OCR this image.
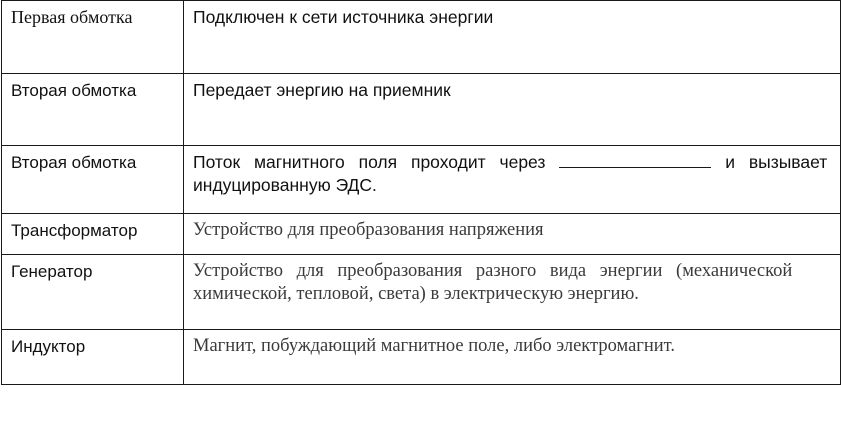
Первая обмотка	Подключен к сети источника энергии
Вторая обмотка	Передает энергию на приемник
Вторая обмотка	Поток магнитного поля проходит через и вызывает
индуцированную ЭДС.

Трансформатор	Устройство для преобразования напряжения
Генератор	Устройство для преобразования разного вида энергии (механической
химической, тепловой, света) в электрическую энергию.

Индуктор	Магнит, побуждающий магнитное поле, либо электромагнит.
